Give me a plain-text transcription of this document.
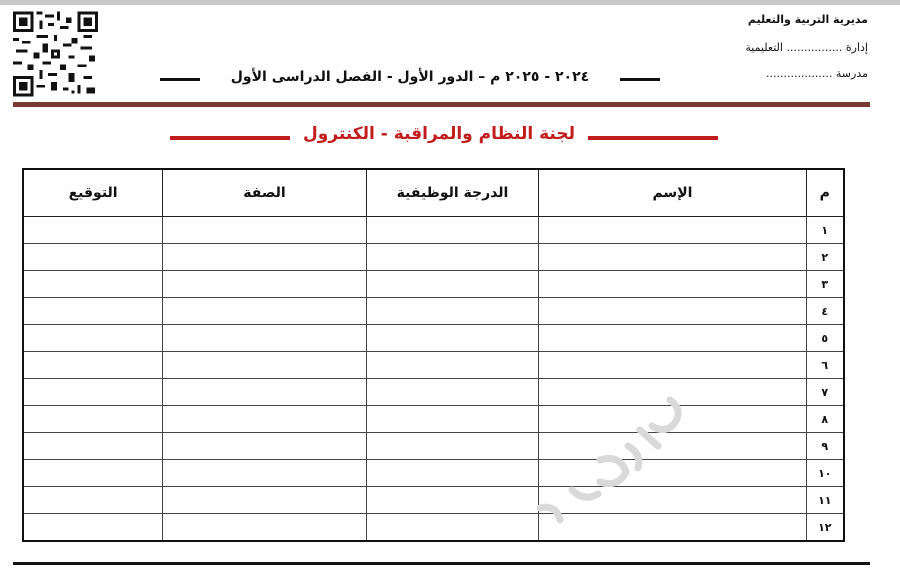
مديرية التربية والتعليم
إدارة ................ التعليمية
مدرسة ...................
٢٠٢٤ - ٢٠٢٥ م – الدور الأول - الفصل الدراسى الأول
لجنة النظام والمراقبة - الكنترول
م	الإسم	الدرجة الوظيفية	الصفة	التوقيع
١				
٢				
٣				
٤				
٥				
٦				
٧				
٨				
٩				
١٠				
١١				
١٢				
